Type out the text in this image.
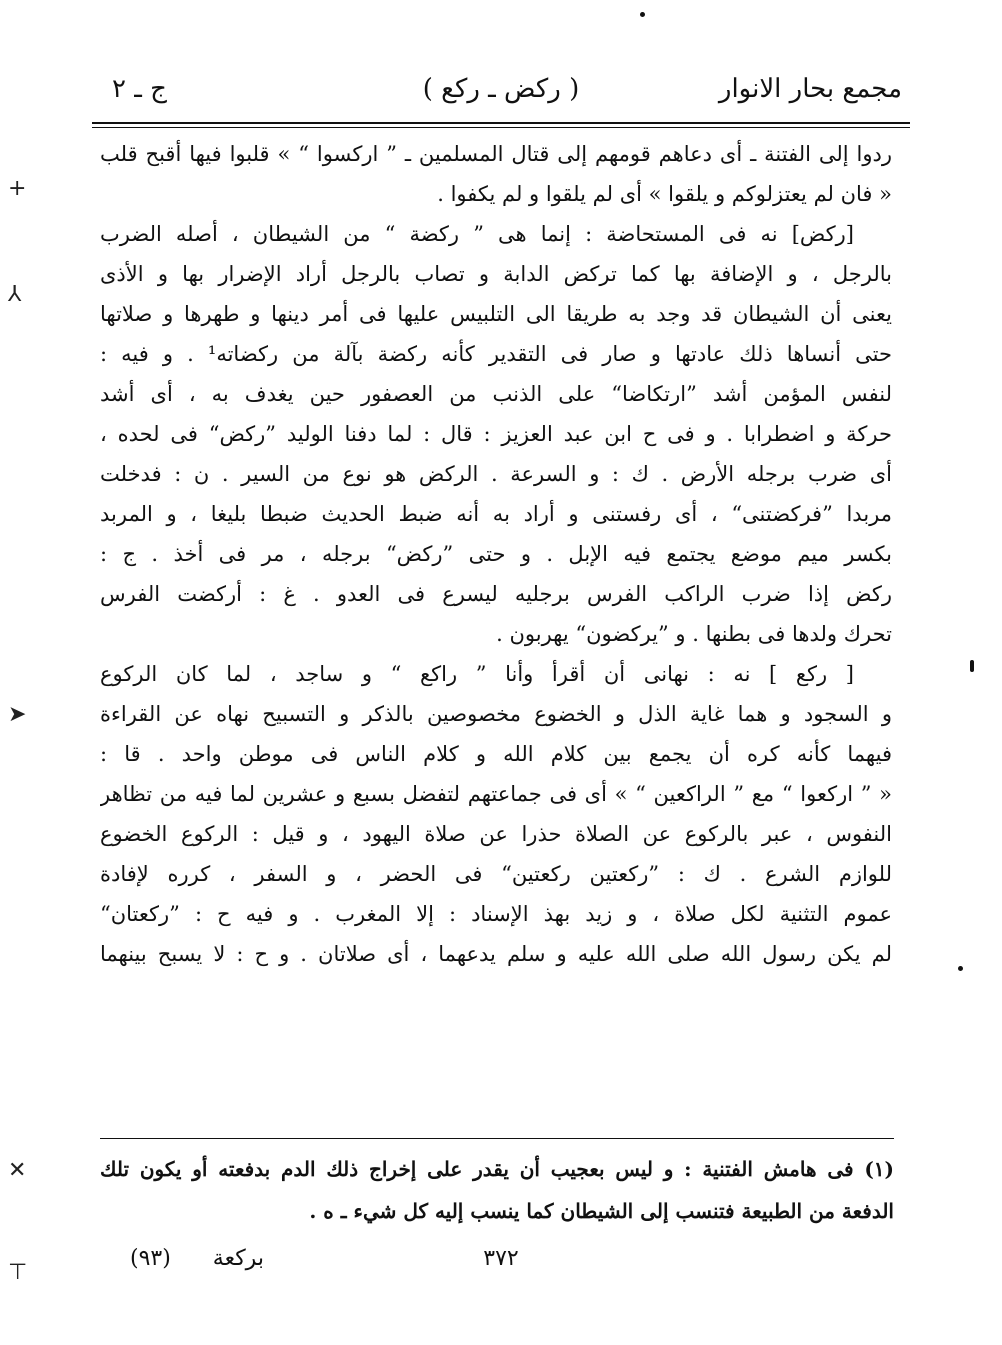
مجمع بحار الانوار
( ركض ـ ركع )
ج ـ ٢
ردوا إلى الفتنة ـ أى دعاهم قومهم إلى قتال المسلمين ـ ” اركسوا “ » قلبوا فيها أقبح قلب
« فان لم يعتزلوكم و يلقوا » أى لم يلقوا و لم يكفوا .
[ركض] نه فى المستحاضة : إنما هى ” ركضة “ من الشيطان ، أصله الضرب
بالرجل ، و الإضافة بها كما تركض الدابة و تصاب بالرجل أراد الإضرار بها و الأذى
يعنى أن الشيطان قد وجد به طريقا الى التلبيس عليها فى أمر دينها و طهرها و صلاتها
حتى أنساها ذلك عادتها و صار فى التقدير كأنه ركضة بآلة من ركضاته¹ . و فيه :
لنفس المؤمن أشد ”ارتكاضا“ على الذنب من العصفور حين يغدف به ، أى أشد
حركة و اضطرابا . و فى ح ابن عبد العزيز : قال : لما دفنا الوليد ”ركض“ فى لحده ،
أى ضرب برجله الأرض . ك : و السرعة . الركض هو نوع من السير . ن : فدخلت
مربدا ”فركضتنى“ ، أى رفستنى و أراد به أنه ضبط الحديث ضبطا بليغا ، و المربد
بكسر ميم موضع يجتمع فيه الإبل . و حتى ”ركض“ برجله ، مر فى أخذ . ج :
ركض إذا ضرب الراكب الفرس برجليه ليسرع فى العدو . غ : أركضت الفرس
تحرك ولدها فى بطنها . و ”يركضون“ يهربون .
[ ركع ] نه : نهانى أن أقرأ وأنا ” راكع “ و ساجد ، لما كان الركوع
و السجود و هما غاية الذل و الخضوع مخصوصين بالذكر و التسبيح نهاه عن القراءة
فيهما كأنه كره أن يجمع بين كلام الله و كلام الناس فى موطن واحد . قا :
« ” اركعوا “ مع ” الراكعين “ » أى فى جماعتهم لتفضل بسبع و عشرين لما فيه من تظاهر
النفوس ، عبر بالركوع عن الصلاة حذرا عن صلاة اليهود ، و قيل : الركوع الخضوع
للوازم الشرع . ك : ”ركعتين ركعتين“ فى الحضر ، و السفر ، كرره لإفادة
عموم التثنية لكل صلاة ، و زيد بهذ الإسناد : إلا المغرب . و فيه ح : ”ركعتان“
لم يكن رسول الله صلى الله عليه و سلم يدعهما ، أى صلاتان . و ح : لا يسبح بينهما
(١) فى هامش الفتنية : و ليس بعجيب أن يقدر على إخراج ذلك الدم بدفعته أو يكون تلك
الدفعة من الطبيعة فتنسب إلى الشيطان كما ينسب إليه كل شيء ـ ه .
٣٧٢
بركعة      (٩٣)
+
⅄
➤
✕
⊤
